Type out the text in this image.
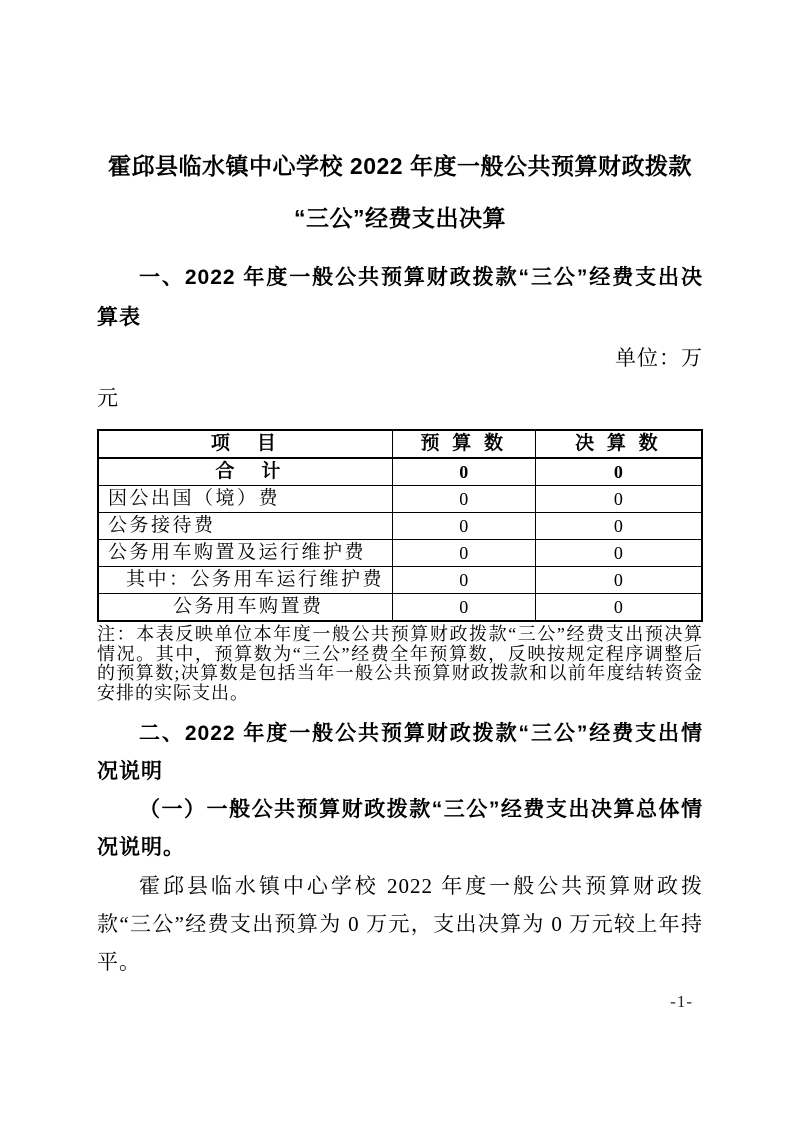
霍邱县临水镇中心学校 2022 年度一般公共预算财政拨款
“三公”经费支出决算
一、2022 年度一般公共预算财政拨款“三公”经费支出决算表
单位：万
元
项　目	预 算 数	决 算 数
合　计	0	0
因公出国（境）费	0	0
公务接待费	0	0
公务用车购置及运行维护费	0	0
其中：公务用车运行维护费	0	0
公务用车购置费	0	0
注：本表反映单位本年度一般公共预算财政拨款“三公”经费支出预决算情况。其中，预算数为“三公”经费全年预算数，反映按规定程序调整后的预算数;决算数是包括当年一般公共预算财政拨款和以前年度结转资金安排的实际支出。
二、2022 年度一般公共预算财政拨款“三公”经费支出情况说明
（一）一般公共预算财政拨款“三公”经费支出决算总体情况说明。
霍邱县临水镇中心学校 2022 年度一般公共预算财政拨款“三公”经费支出预算为 0 万元，支出决算为 0 万元较上年持平。
-1-
